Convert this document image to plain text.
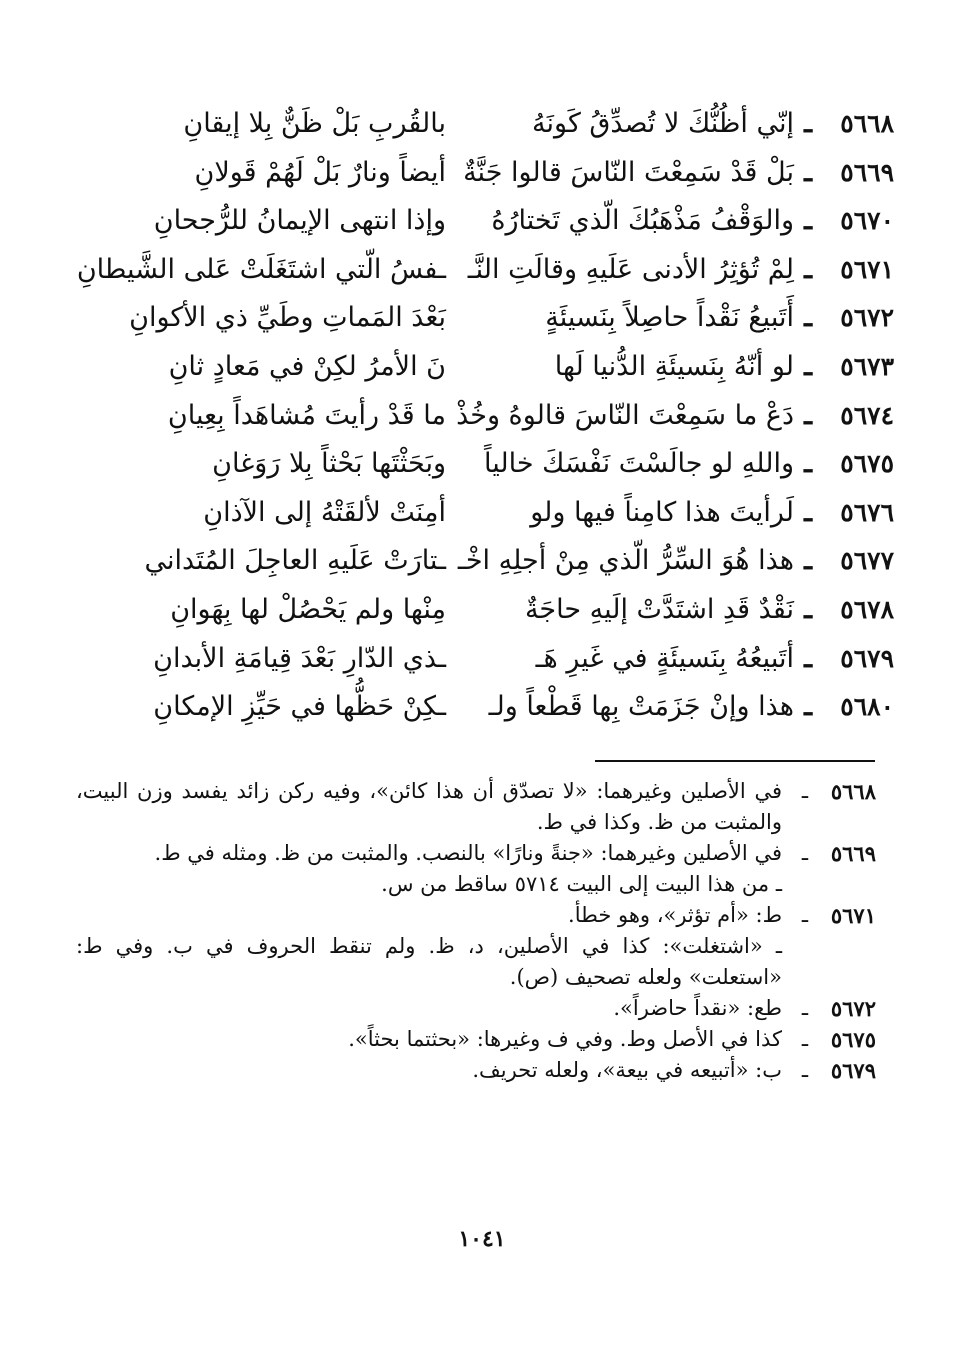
٥٦٦٨
ـ
إنّي أظُنُّكَ لا تُصدِّقُ كَونَهُ
بالقُربِ بَلْ ظَنٌّ بِلا إيقانِ
٥٦٦٩
ـ
بَلْ قَدْ سَمِعْتَ النّاسَ قالوا جَنَّةٌ
أيضاً ونارٌ بَلْ لَهُمْ قَولانِ
٥٦٧٠
ـ
والوَقْفُ مَذْهَبُكَ الّذي تَختارُهُ
وإذا انتهى الإيمانُ للرُّجحانِ
٥٦٧١
ـ
لِمْ تُؤثِرُ الأدنى عَلَيهِ وقالَتِ النَّـ
ـفسُ الّتي اشتَغَلَتْ عَلى الشَّيطانِ
٥٦٧٢
ـ
أَتَبيعُ نَقْداً حاصِلاً بِنَسيئَةٍ
بَعْدَ المَماتِ وطَيِّ ذي الأكوانِ
٥٦٧٣
ـ
لو أنّهُ بِنَسيئَةِ الدُّنيا لَها
نَ الأمرُ لكِنْ في مَعادٍ ثانِ
٥٦٧٤
ـ
دَعْ ما سَمِعْتَ النّاسَ قالوهُ وخُذْ
ما قَدْ رأيتَ مُشاهَداً بِعِيانِ
٥٦٧٥
ـ
واللهِ لو جالَسْتَ نَفْسَكَ خالياً
وبَحَثْتَها بَحْثاً بِلا رَوَغانِ
٥٦٧٦
ـ
لَرأيتَ هذا كامِناً فيها ولو
أمِنَتْ لألقَتْهُ إلى الآذانِ
٥٦٧٧
ـ
هذا هُوَ السِّرُّ الّذي مِنْ أجلِهِ اخْـ
ـتارَتْ عَلَيهِ العاجِلَ المُتَداني
٥٦٧٨
ـ
نَقْدٌ قَدِ اشتَدَّتْ إلَيهِ حاجَةٌ
مِنْها ولم يَحْصُلْ لها بِهَوانِ
٥٦٧٩
ـ
أتَبيعُهُ بِنَسيئَةٍ في غَيرِ هَـ
ـذي الدّارِ بَعْدَ قِيامَةِ الأبدانِ
٥٦٨٠
ـ
هذا وإنْ جَزَمَتْ بِها قَطْعاً ولـ
ـكِنْ حَظُّها في حَيِّزِ الإمكانِ
٥٦٦٨
ـ
في الأصلين وغيرهما: «لا تصدّق أن هذا كائن»، وفيه ركن زائد يفسد وزن البيت، والمثبت من ظ. وكذا في ط.
٥٦٦٩
ـ
في الأصلين وغيرهما: «جنةً ونارًا» بالنصب. والمثبت من ظ. ومثله في ط.
ـ من هذا البيت إلى البيت ٥٧١٤ ساقط من س.
٥٦٧١
ـ
ط: «أم تؤثر»، وهو خطأ.
ـ «اشتغلت»: كذا في الأصلين، د، ظ. ولم تنقط الحروف في ب. وفي ط: «استعلت» ولعله تصحيف (ص).
٥٦٧٢
ـ
طع: «نقداً حاضراً».
٥٦٧٥
ـ
كذا في الأصل وط. وفي ف وغيرها: «بحثتما بحثاً».
٥٦٧٩
ـ
ب: «أتبيعه في بيعة»، ولعله تحريف.
١٠٤١
